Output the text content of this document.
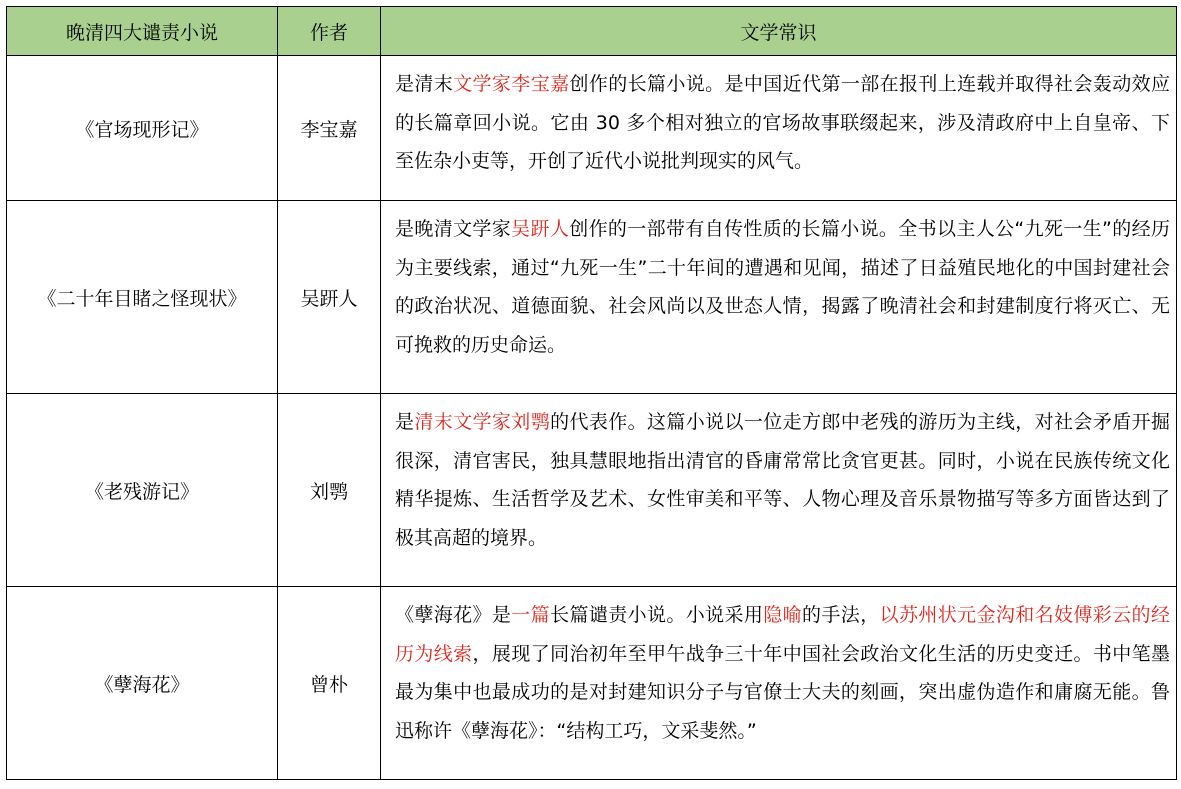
晚清四大谴责小说	作者	文学常识
《官场现形记》	李宝嘉	是清末文学家李宝嘉创作的长篇小说。是中国近代第一部在报刊上连载并取得社会轰动效应的长篇章回小说。它由 30 多个相对独立的官场故事联缀起来，涉及清政府中上自皇帝、下至佐杂小吏等，开创了近代小说批判现实的风气。
《二十年目睹之怪现状》	吴趼人	是晚清文学家吴趼人创作的一部带有自传性质的长篇小说。全书以主人公“九死一生”的经历为主要线索，通过“九死一生”二十年间的遭遇和见闻，描述了日益殖民地化的中国封建社会的政治状况、道德面貌、社会风尚以及世态人情，揭露了晚清社会和封建制度行将灭亡、无可挽救的历史命运。
《老残游记》	刘鹗	是清末文学家刘鹗的代表作。这篇小说以一位走方郎中老残的游历为主线，对社会矛盾开掘很深，清官害民，独具慧眼地指出清官的昏庸常常比贪官更甚。同时，小说在民族传统文化精华提炼、生活哲学及艺术、女性审美和平等、人物心理及音乐景物描写等多方面皆达到了极其高超的境界。
《孽海花》	曾朴	《孽海花》是一篇长篇谴责小说。小说采用隐喻的手法，以苏州状元金沟和名妓傅彩云的经历为线索，展现了同治初年至甲午战争三十年中国社会政治文化生活的历史变迁。书中笔墨最为集中也最成功的是对封建知识分子与官僚士大夫的刻画，突出虚伪造作和庸腐无能。鲁迅称许《孽海花》：“结构工巧，文采斐然。”
